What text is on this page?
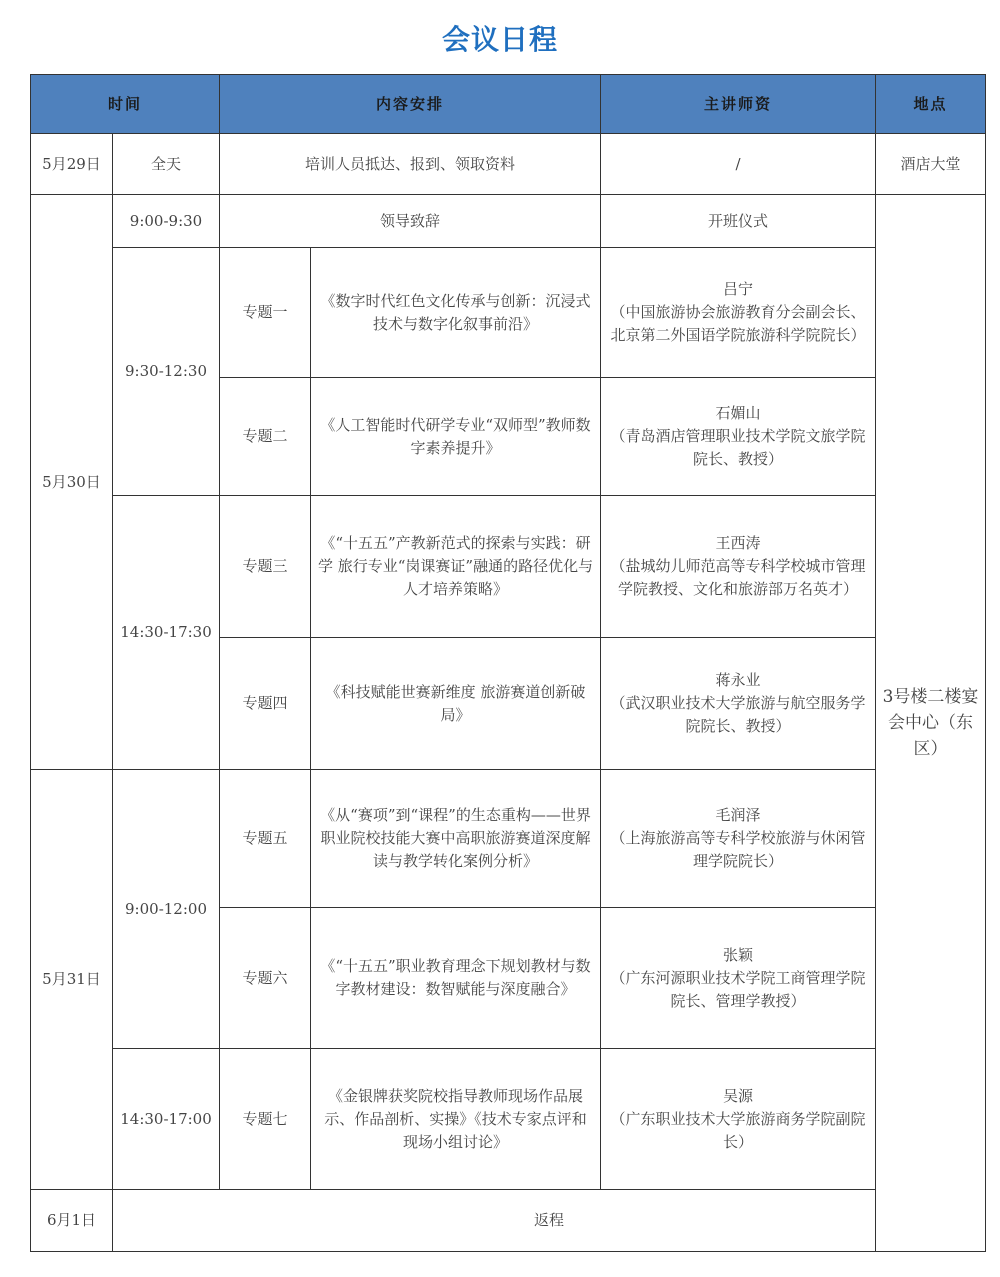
会议日程
时间		内容安排		主讲师资	地点
5月29日	全天	培训人员抵达、报到、领取资料		/	酒店大堂
5月30日	9:00-9:30	领导致辞		开班仪式	3号楼二楼宴会中心（东区）

	9:30-12:30	专题一	《数字时代红色文化传承与创新：沉浸式技术与数字化叙事前沿》	吕宁
（中国旅游协会旅游教育分会副会长、北京第二外国语学院旅游科学院院长）	
		专题二	《人工智能时代研学专业“双师型”教师数字素养提升》	石媚山
（青岛酒店管理职业技术学院文旅学院院长、教授）	
	14:30-17:30	专题三	《“十五五”产教新范式的探索与实践：研学 旅行专业“岗课赛证”融通的路径优化与人才培养策略》	王西涛
（盐城幼儿师范高等专科学校城市管理学院教授、文化和旅游部万名英才）	
		专题四	《科技赋能世赛新维度 旅游赛道创新破局》	蒋永业
（武汉职业技术大学旅游与航空服务学院院长、教授）	
5月31日	9:00-12:00	专题五	《从“赛项”到“课程”的生态重构——世界职业院校技能大赛中高职旅游赛道深度解读与教学转化案例分析》	毛润泽
（上海旅游高等专科学校旅游与休闲管理学院院长）	
		专题六	《“十五五”职业教育理念下规划教材与数字教材建设：数智赋能与深度融合》	张颖
（广东河源职业技术学院工商管理学院院长、管理学教授）	
	14:30-17:00	专题七	《金银牌获奖院校指导教师现场作品展示、作品剖析、实操》《技术专家点评和现场小组讨论》	吴源
（广东职业技术大学旅游商务学院副院长）	
6月1日	返程				
